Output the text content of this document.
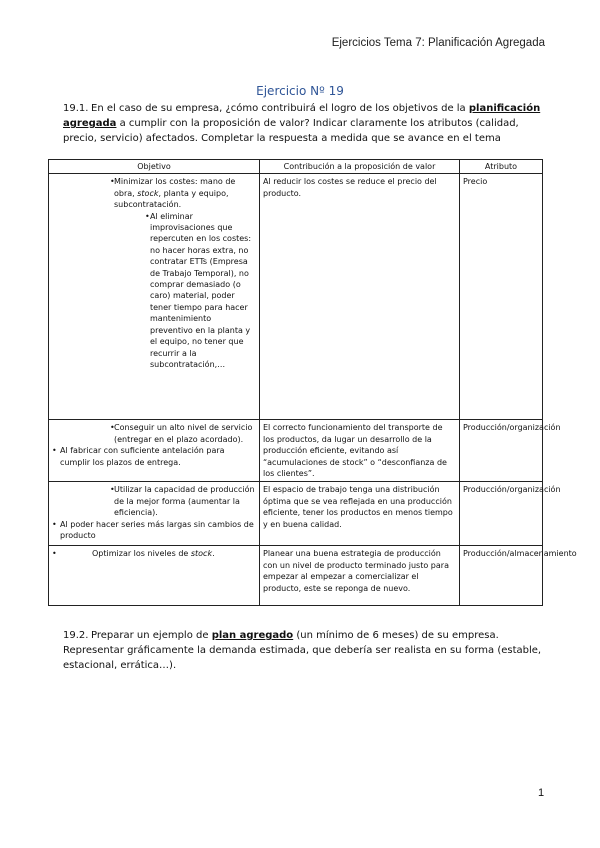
Ejercicios Tema 7: Planificación Agregada
Ejercicio Nº 19
19.1. En el caso de su empresa, ¿cómo contribuirá el logro de los objetivos de la planificación agregada a cumplir con la proposición de valor? Indicar claramente los atributos (calidad, precio, servicio) afectados. Completar la respuesta a medida que se avance en el tema
Objetivo	Contribución a la proposición de valor	Atributo

• Minimizar los costes: mano de obra, stock, planta y equipo, subcontratación.
• Al eliminar improvisaciones que repercuten en los costes: no hacer horas extra, no contratar ETTs (Empresa de Trabajo Temporal), no comprar demasiado (o caro) material, poder tener tiempo para hacer mantenimiento preventivo en la planta y el equipo, no tener que recurrir a la subcontratación,…	Al reducir los costes se reduce el precio del producto.	Precio

• Conseguir un alto nivel de servicio (entregar en el plazo acordado).
• Al fabricar con suficiente antelación para cumplir los plazos de entrega.	El correcto funcionamiento del transporte de los productos, da lugar un desarrollo de la producción eficiente, evitando así “acumulaciones de stock” o “desconfianza de los clientes”.	Producción/organización

• Utilizar la capacidad de producción de la mejor forma (aumentar la eficiencia).
• Al poder hacer series más largas sin cambios de producto	El espacio de trabajo tenga una distribución óptima que se vea reflejada en una producción eficiente, tener los productos en menos tiempo y en buena calidad.	Producción/organización

• Optimizar los niveles de stock.	Planear una buena estrategia de producción con un nivel de producto terminado justo para empezar al empezar a comercializar el producto, este se reponga de nuevo.	Producción/almacenamiento
19.2. Preparar un ejemplo de plan agregado (un mínimo de 6 meses) de su empresa. Representar gráficamente la demanda estimada, que debería ser realista en su forma (estable, estacional, errática…).
1
